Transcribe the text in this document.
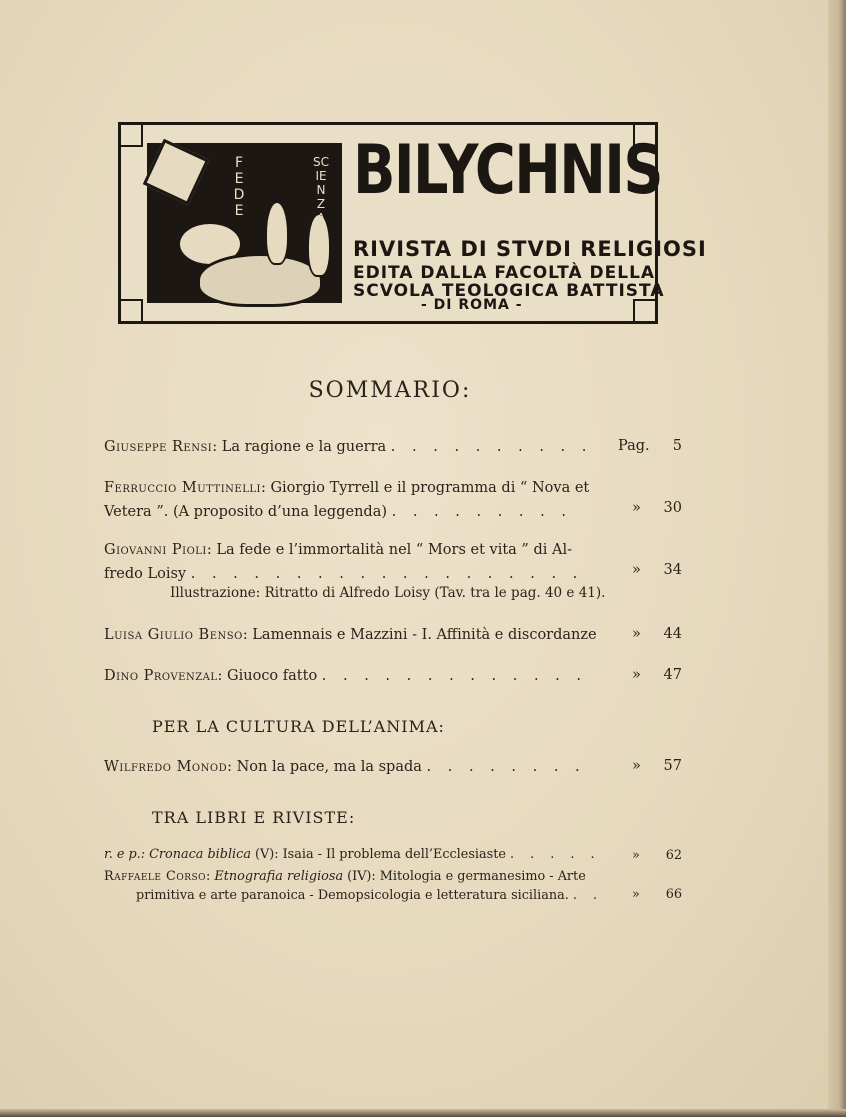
FEDE
SCIENZA
BILYCHNIS
RIVISTA DI STVDI RELIGIOSI
EDITA DALLA FACOLTÀ DELLA
SCVOLA TEOLOGICA BATTISTA
- DI ROMA -
SOMMARIO:
Giuseppe Rensi: La ragione e la guerra . . . . . . . . . .	Pag. 5
Ferruccio Muttinelli: Giorgio Tyrrell e il programma di “ Nova et
Vetera ”. (A proposito d’una leggenda) . . . . . . . . .	» 30
Giovanni Pioli: La fede e l’immortalità nel “ Mors et vita ” di Al-
fredo Loisy . . . . . . . . . . . . . . . . . . .	» 34
Illustrazione: Ritratto di Alfredo Loisy (Tav. tra le pag. 40 e 41).
Luisa Giulio Benso: Lamennais e Mazzini - I. Affinità e discordanze	» 44
Dino Provenzal: Giuoco fatto . . . . . . . . . . . . .	» 47
PER LA CULTURA DELL’ANIMA:
Wilfredo Monod: Non la pace, ma la spada . . . . . . . .	» 57
TRA LIBRI E RIVISTE:
r. e p.: Cronaca biblica (V): Isaia - Il problema dell’Ecclesiaste . . . . .	» 62
Raffaele Corso: Etnografia religiosa (IV): Mitologia e germanesimo - Arte
primitiva e arte paranoica - Demopsicologia e letteratura siciliana. . .	» 66
